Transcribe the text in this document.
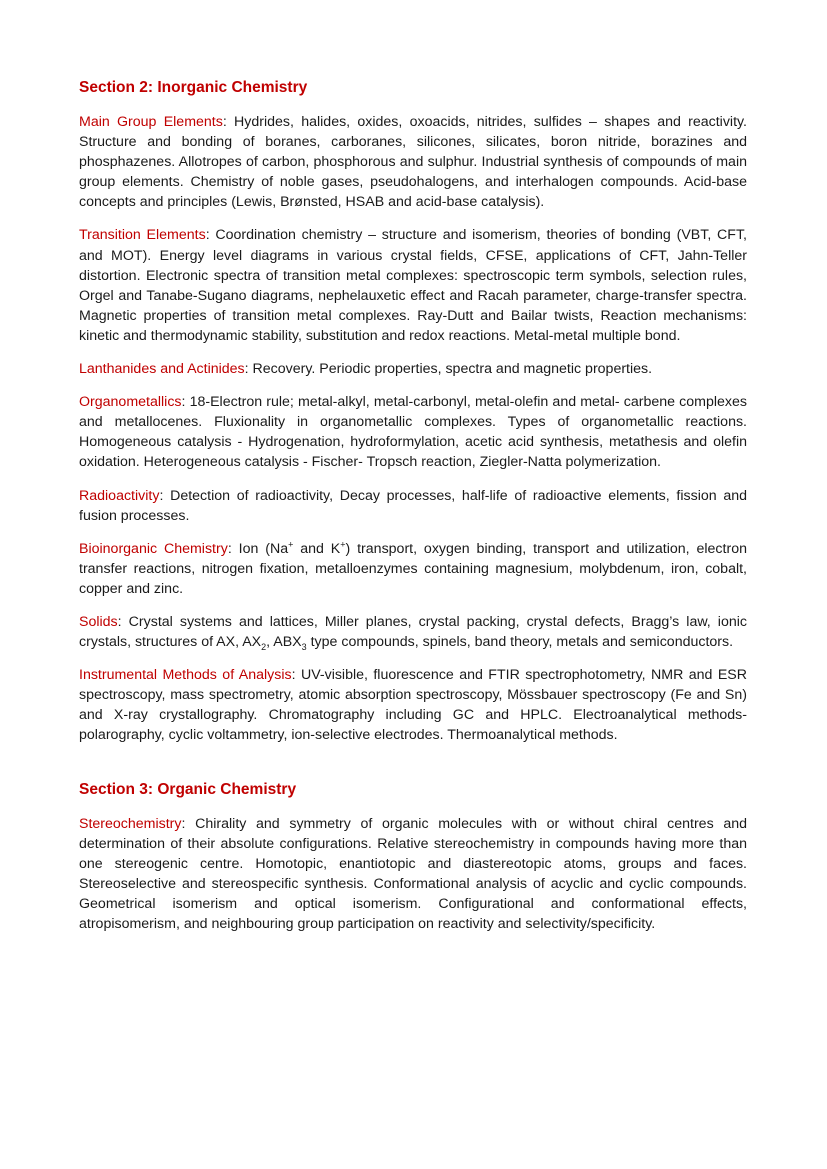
Section 2: Inorganic Chemistry

Main Group Elements: Hydrides, halides, oxides, oxoacids, nitrides, sulfides – shapes and reactivity. Structure and bonding of boranes, carboranes, silicones, silicates, boron nitride, borazines and phosphazenes. Allotropes of carbon, phosphorous and sulphur. Industrial synthesis of compounds of main group elements. Chemistry of noble gases, pseudohalogens, and interhalogen compounds. Acid-base concepts and principles (Lewis, Brønsted, HSAB and acid-base catalysis).

Transition Elements: Coordination chemistry – structure and isomerism, theories of bonding (VBT, CFT, and MOT). Energy level diagrams in various crystal fields, CFSE, applications of CFT, Jahn-Teller distortion. Electronic spectra of transition metal complexes: spectroscopic term symbols, selection rules, Orgel and Tanabe-Sugano diagrams, nephelauxetic effect and Racah parameter, charge-transfer spectra. Magnetic properties of transition metal complexes. Ray-Dutt and Bailar twists, Reaction mechanisms: kinetic and thermodynamic stability, substitution and redox reactions. Metal-metal multiple bond.

Lanthanides and Actinides: Recovery. Periodic properties, spectra and magnetic properties.

Organometallics: 18-Electron rule; metal-alkyl, metal-carbonyl, metal-olefin and metal- carbene complexes and metallocenes. Fluxionality in organometallic complexes. Types of organometallic reactions. Homogeneous catalysis - Hydrogenation, hydroformylation, acetic acid synthesis, metathesis and olefin oxidation. Heterogeneous catalysis - Fischer- Tropsch reaction, Ziegler-Natta polymerization.

Radioactivity: Detection of radioactivity, Decay processes, half-life of radioactive elements, fission and fusion processes.

Bioinorganic Chemistry: Ion (Na+ and K+) transport, oxygen binding, transport and utilization, electron transfer reactions, nitrogen fixation, metalloenzymes containing magnesium, molybdenum, iron, cobalt, copper and zinc.

Solids: Crystal systems and lattices, Miller planes, crystal packing, crystal defects, Bragg’s law, ionic crystals, structures of AX, $AX_2$, $ABX_3$ type compounds, spinels, band theory, metals and semiconductors.

Instrumental Methods of Analysis: UV-visible, fluorescence and FTIR spectrophotometry, NMR and ESR spectroscopy, mass spectrometry, atomic absorption spectroscopy, Mössbauer spectroscopy (Fe and Sn) and X-ray crystallography. Chromatography including GC and HPLC. Electroanalytical methods- polarography, cyclic voltammetry, ion-selective electrodes. Thermoanalytical methods.

Section 3: Organic Chemistry

Stereochemistry: Chirality and symmetry of organic molecules with or without chiral centres and determination of their absolute configurations. Relative stereochemistry in compounds having more than one stereogenic centre. Homotopic, enantiotopic and diastereotopic atoms, groups and faces. Stereoselective and stereospecific synthesis. Conformational analysis of acyclic and cyclic compounds. Geometrical isomerism and optical isomerism. Configurational and conformational effects, atropisomerism, and neighbouring group participation on reactivity and selectivity/specificity.
